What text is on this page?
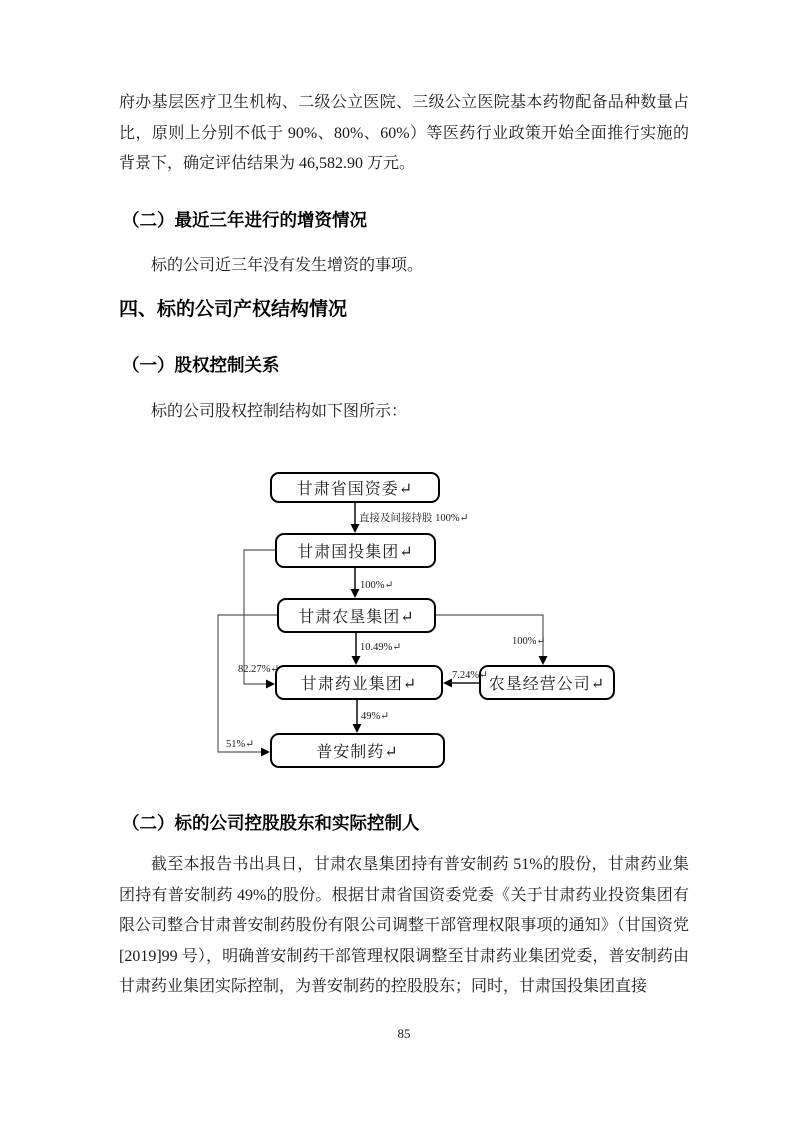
府办基层医疗卫生机构、二级公立医院、三级公立医院基本药物配备品种数量占比，原则上分别不低于 90%、80%、60%）等医药行业政策开始全面推行实施的背景下，确定评估结果为 46,582.90 万元。

（二）最近三年进行的增资情况

标的公司近三年没有发生增资的事项。

四、标的公司产权结构情况
（一）股权控制关系

标的公司股权控制结构如下图所示：

甘肃省国资委↵
甘肃国投集团↵
甘肃农垦集团↵
甘肃药业集团↵	农垦经营公司↵
普安制药↵
直接及间接持股 100%↵
100%↵
10.49%↵
82.27%↵
100%↵
7.24%↵
49%↵
51%↵
（二）标的公司控股股东和实际控制人

截至本报告书出具日，甘肃农垦集团持有普安制药 51%的股份，甘肃药业集团持有普安制药 49%的股份。根据甘肃省国资委党委《关于甘肃药业投资集团有限公司整合甘肃普安制药股份有限公司调整干部管理权限事项的通知》（甘国资党[2019]99 号），明确普安制药干部管理权限调整至甘肃药业集团党委，普安制药由甘肃药业集团实际控制，为普安制药的控股股东；同时，甘肃国投集团直接

85
